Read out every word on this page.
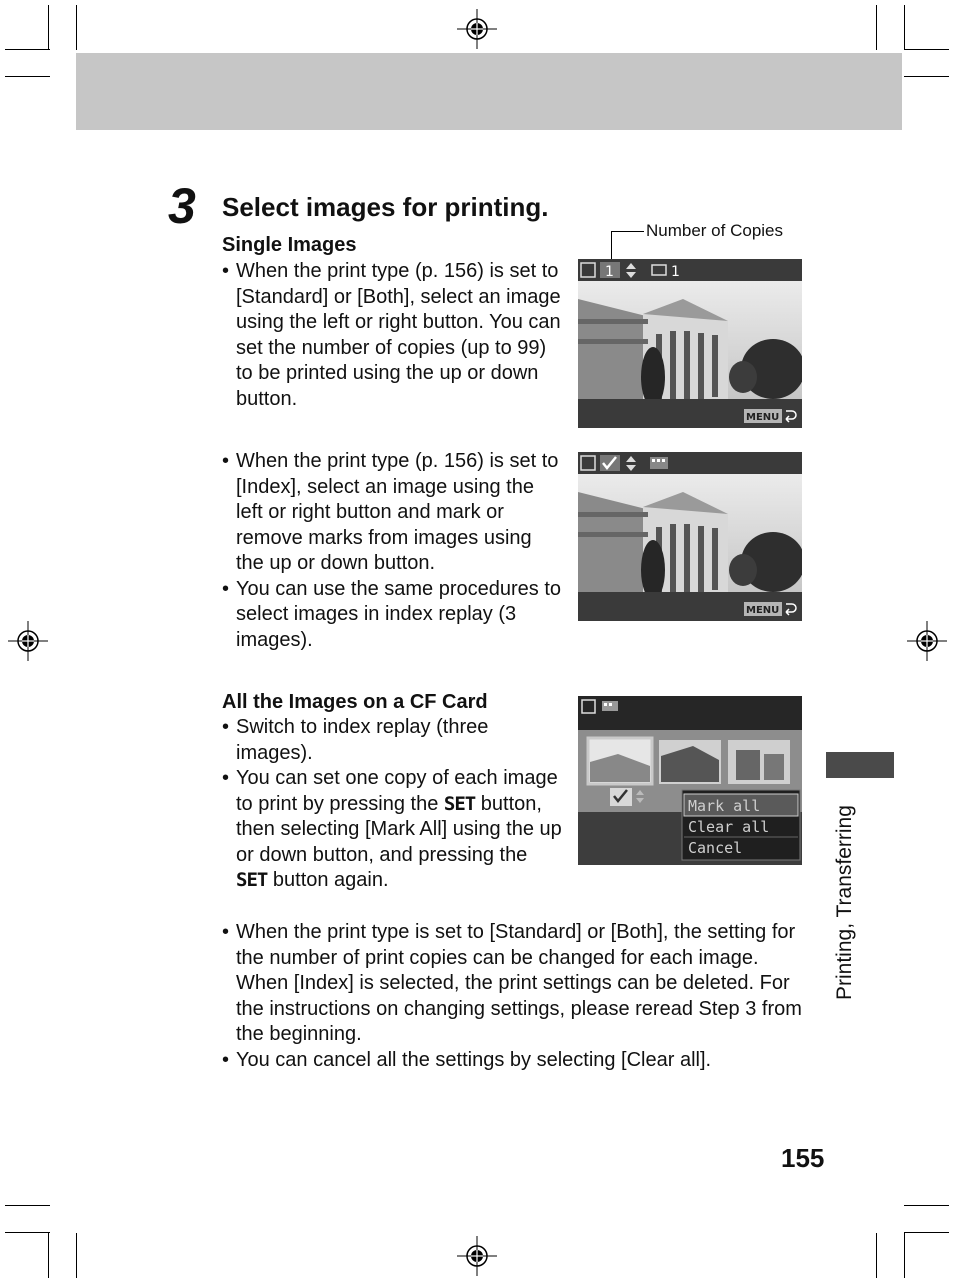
3 Select images for printing.
Single Images
• When the print type (p. 156) is set to [Standard] or [Both], select an image using the left or right button. You can set the number of copies (up to 99) to be printed using the up or down button.
• When the print type (p. 156) is set to [Index], select an image using the left or right button and mark or remove marks from images using the up or down button.
• You can use the same procedures to select images in index replay (3 images).
Number of Copies
1	1
MENU
MENU
All the Images on a CF Card
• Switch to index replay (three images).
• You can set one copy of each image to print by pressing the SET button, then selecting [Mark All] using the up or down button, and pressing the SET button again.
• When the print type is set to [Standard] or [Both], the setting for the number of print copies can be changed for each image. When [Index] is selected, the print settings can be deleted. For the instructions on changing settings, please reread Step 3 from the beginning.
• You can cancel all the settings by selecting [Clear all].
Mark all
Clear all
Cancel	Printing, Transferring
155
